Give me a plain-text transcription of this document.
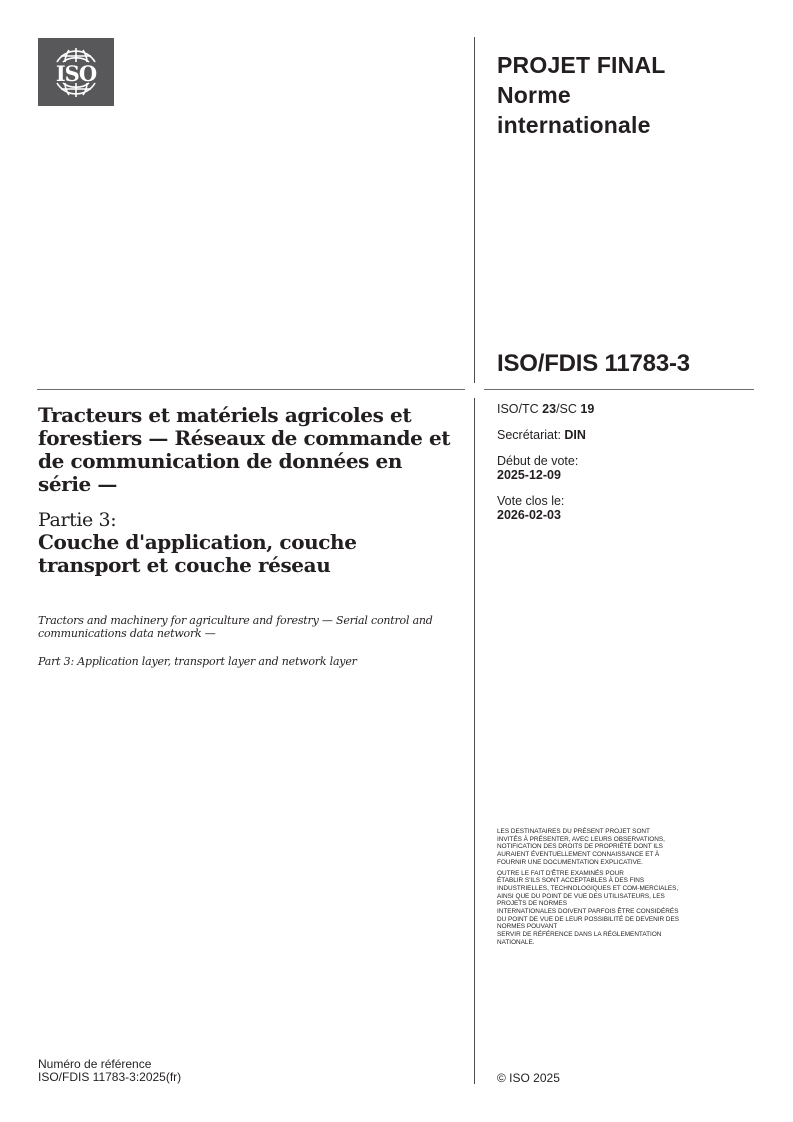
ISO	PROJET FINAL
Norme
internationale
ISO/FDIS 11783-3
Tracteurs et matériels agricoles et forestiers — Réseaux de commande et de communication de données en série —
Partie 3:
Couche d'application, couche transport et couche réseau
Tractors and machinery for agriculture and forestry — Serial control and communications data network —
Part 3: Application layer, transport layer and network layer
ISO/TC 23/SC 19
Secrétariat: DIN
Début de vote:
2025-12-09
Vote clos le:
2026-02-03

LES DESTINATAIRES DU PRÉSENT PROJET SONT
INVITÉS À PRÉSENTER, AVEC LEURS OBSERVATIONS,
NOTIFICATION DES DROITS DE PROPRIÉTÉ DONT ILS
AURAIENT ÉVENTUELLEMENT CONNAISSANCE ET À
FOURNIR UNE DOCUMENTATION EXPLICATIVE.

OUTRE LE FAIT D'ÊTRE EXAMINÉS POUR
ÉTABLIR S'ILS SONT ACCEPTABLES À DES FINS
INDUSTRIELLES, TECHNOLOGIQUES ET COM-MERCIALES,
AINSI QUE DU POINT DE VUE DES UTILISATEURS, LES
PROJETS DE NORMES
INTERNATIONALES DOIVENT PARFOIS ÊTRE CONSIDÉRÉS
DU POINT DE VUE DE LEUR POSSIBILITÉ DE DEVENIR DES
NORMES POUVANT
SERVIR DE RÉFÉRENCE DANS LA RÉGLEMENTATION
NATIONALE.

Numéro de référence
ISO/FDIS 11783-3:2025(fr)	© ISO 2025
